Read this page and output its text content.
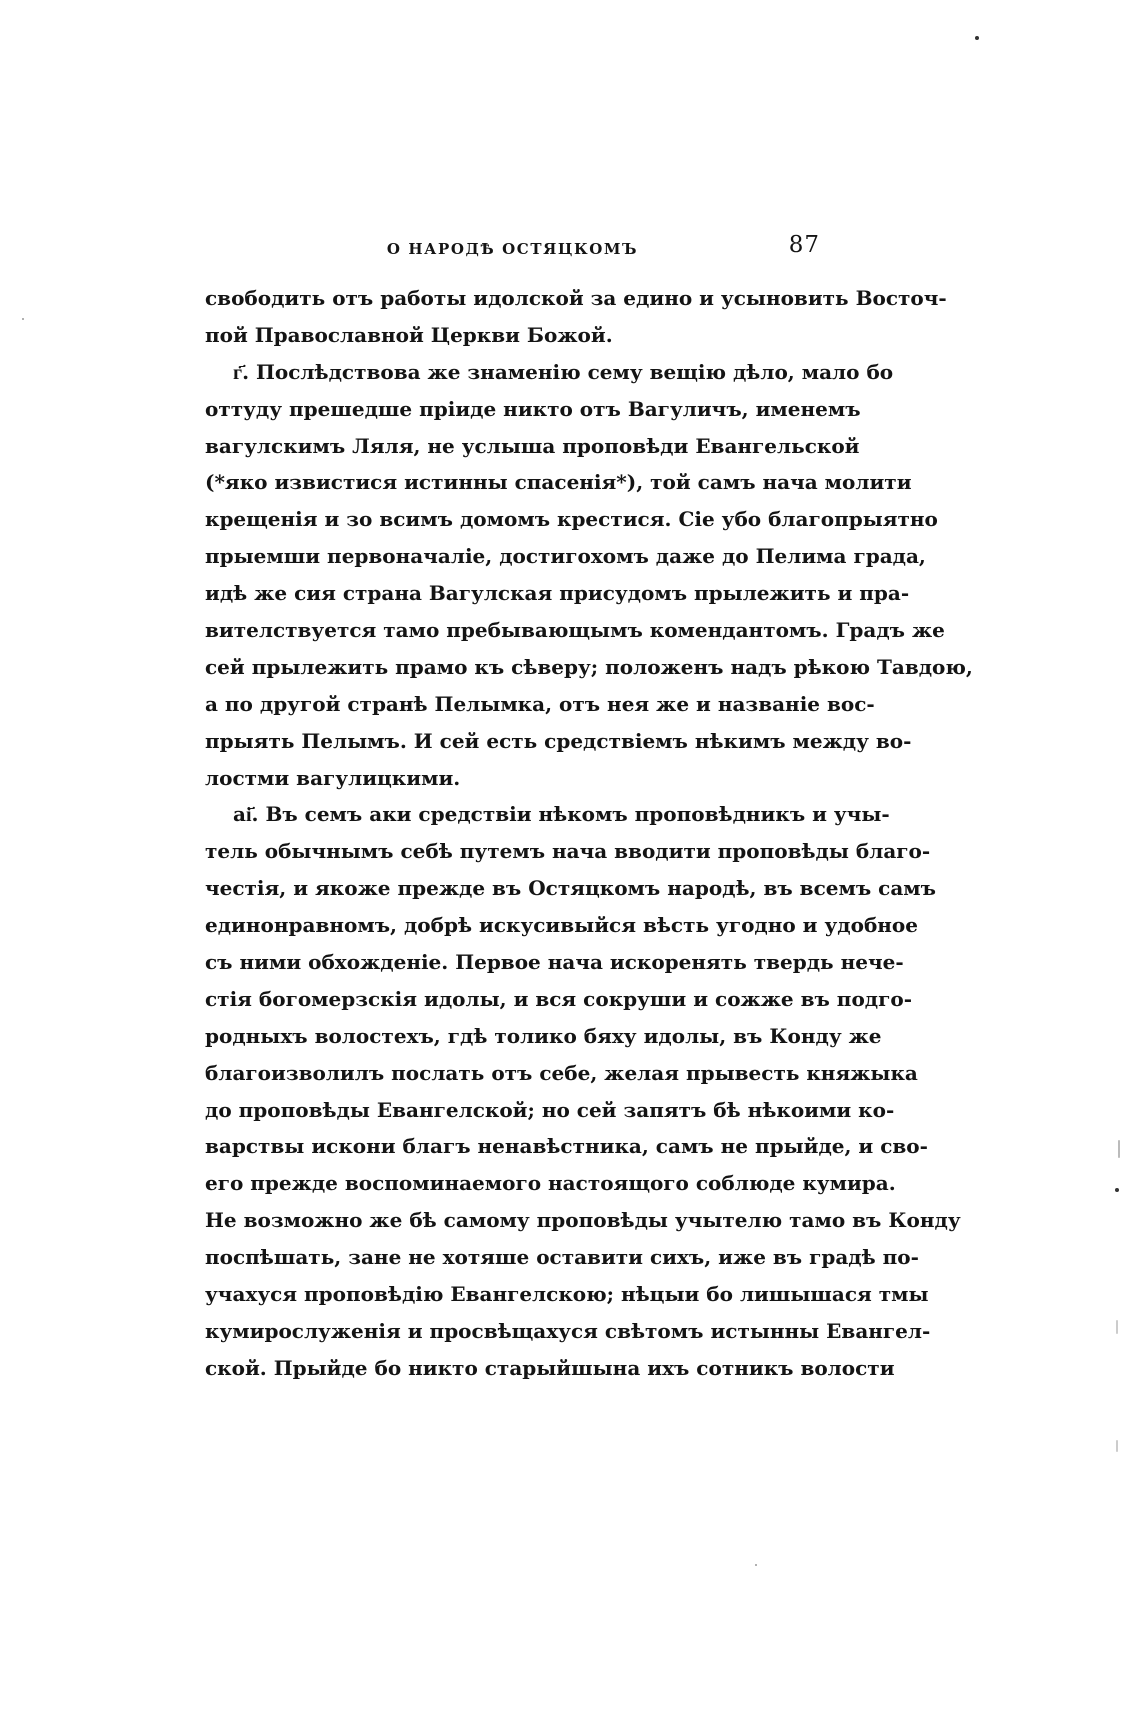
О НАРОДѢ ОСТЯЦКОМЪ	87
свободить отъ работы идолской за едино и усыновить Восточ-
пой Православной Церкви Божой.
г҃. Послѣдствова же знаменію сему вещію дѣло, мало бо
оттуду прешедше пріиде никто отъ Вагуличъ, именемъ
вагулскимъ Ляля, не услыша проповѣди Евангельской
(*яко извистися истинны спасенія*), той самъ нача молити
крещенія и зо всимъ домомъ крестися. Сіе убо благопрыятно
прыемши первоначаліе, достигохомъ даже до Пелима града,
идѣ же сия страна Вагулская присудомъ прылежить и пра-
вителствуется тамо пребывающымъ комендантомъ. Градъ же
сей прылежить прамо къ сѣверу; положенъ надъ рѣкою Тавдою,
а по другой странѣ Пелымка, отъ нея же и названіе вос-
прыять Пелымъ. И сей есть средствіемъ нѣкимъ между во-
лостми вагулицкими.
аі҃. Въ семъ аки средствіи нѣкомъ проповѣдникъ и учы-
тель обычнымъ себѣ путемъ нача вводити проповѣды благо-
честія, и якоже прежде въ Остяцкомъ народѣ, въ всемъ самъ
единонравномъ, добрѣ искусивыйся вѣсть угодно и удобное
съ ними обхожденіе. Первое нача искоренять твердь нече-
стія богомерзскія идолы, и вся сокруши и сожже въ подго-
родныхъ волостехъ, гдѣ толико бяху идолы, въ Конду же
благоизволилъ послать отъ себе, желая прывесть княжыка
до проповѣды Евангелской; но сей запятъ бѣ нѣкоими ко-
варствы искони благъ ненавѣстника, самъ не прыйде, и сво-
его прежде воспоминаемого настоящого соблюде кумира.
Не возможно же бѣ самому проповѣды учытелю тамо въ Конду
поспѣшать, зане не хотяше оставити сихъ, иже въ градѣ по-
учахуся проповѣдію Евангелскою; нѣцыи бо лишышася тмы
кумирослуженія и просвѣщахуся свѣтомъ истынны Евангел-
ской. Прыйде бо никто старыйшына ихъ сотникъ волости
